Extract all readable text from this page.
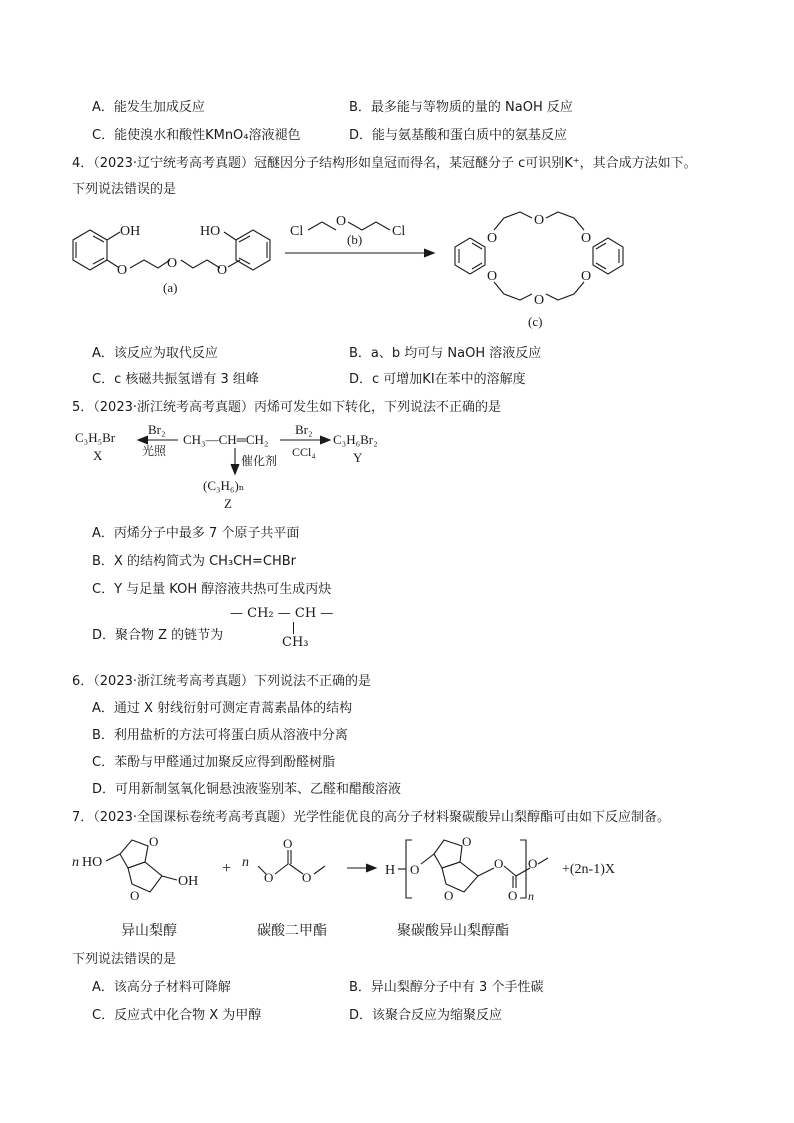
A．能发生加成反应	B．最多能与等物质的量的 NaOH 反应
C．能使溴水和酸性KMnO₄溶液褪色	D．能与氨基酸和蛋白质中的氨基反应
4．（2023·辽宁统考高考真题）冠醚因分子结构形如皇冠而得名，某冠醚分子 c可识别K⁺，其合成方法如下。
下列说法错误的是
OH
O	O	O
HO
(a)
Cl
O
Cl
(b)	O
O
O
O
O
O
(c)
A．该反应为取代反应	B．a、b 均可与 NaOH 溶液反应
C．c 核磁共振氢谱有 3 组峰	D．c 可增加KI在苯中的溶解度
5．（2023·浙江统考高考真题）丙烯可发生如下转化，下列说法不正确的是
C₃H₅Br
X
Br₂
光照
CH₃—CH═CH₂
Br₂
CCl₄
C₃H₆Br₂
Y
催化剂
(C₃H₆)ₙ
Z
A．丙烯分子中最多 7 个原子共平面
B．X 的结构简式为 CH₃CH=CHBr
C．Y 与足量 KOH 醇溶液共热可生成丙炔
D．聚合物 Z 的链节为
— CH₂ — CH —
CH₃
6．（2023·浙江统考高考真题）下列说法不正确的是
A．通过 X 射线衍射可测定青蒿素晶体的结构
B．利用盐析的方法可将蛋白质从溶液中分离
C．苯酚与甲醛通过加聚反应得到酚醛树脂
D．可用新制氢氧化铜悬浊液鉴别苯、乙醛和醋酸溶液
7．（2023·全国课标卷统考高考真题）光学性能优良的高分子材料聚碳酸异山梨醇酯可由如下反应制备。
n HO
O
O
OH
+ n
O
O
O	H O
O
O
O
O n
O +(2n-1)X
异山梨醇	碳酸二甲酯	聚碳酸异山梨醇酯
下列说法错误的是
A．该高分子材料可降解	B．异山梨醇分子中有 3 个手性碳
C．反应式中化合物 X 为甲醇	D．该聚合反应为缩聚反应
